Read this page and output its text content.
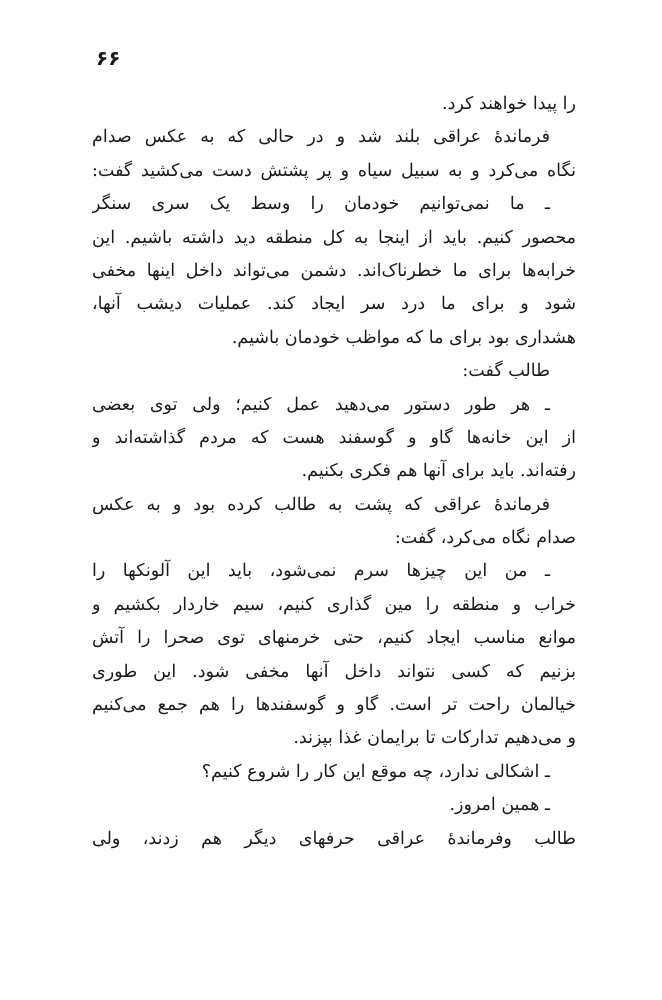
۶۶
را پیدا خواهند کرد.
فرماندۀ عراقی بلند شد و در حالی که به عکس صدام
نگاه می‌کرد و به سبیل سیاه و پر پشتش دست می‌کشید گفت:
ـ ما نمی‌توانیم خودمان را وسط یک سری سنگر
محصور کنیم. باید از اینجا به کل منطقه دید داشته باشیم. این
خرابه‌ها برای ما خطرناک‌اند. دشمن می‌تواند داخل اینها مخفی
شود و برای ما درد سر ایجاد کند. عملیات دیشب آنها،
هشداری بود برای ما که مواظب خودمان باشیم.
طالب گفت:
ـ هر طور دستور می‌دهید عمل کنیم؛ ولی توی بعضی
از این خانه‌ها گاو و گوسفند هست که مردم گذاشته‌اند و
رفته‌اند. باید برای آنها هم فکری بکنیم.
فرماندۀ عراقی که پشت به طالب کرده بود و به عکس
صدام نگاه می‌کرد، گفت:
ـ من این چیزها سرم نمی‌شود، باید این آلونکها را
خراب و منطقه را مین گذاری کنیم، سیم خاردار بکشیم و
موانع مناسب ایجاد کنیم، حتی خرمنهای توی صحرا را آتش
بزنیم که کسی نتواند داخل آنها مخفی شود. این طوری
خیالمان راحت تر است. گاو و گوسفندها را هم جمع می‌کنیم
و می‌دهیم تدارکات تا برایمان غذا بپزند.
ـ اشکالی ندارد، چه موقع این کار را شروع کنیم؟
ـ همین امروز.
طالب وفرماندۀ عراقی حرفهای دیگر هم زدند، ولی
